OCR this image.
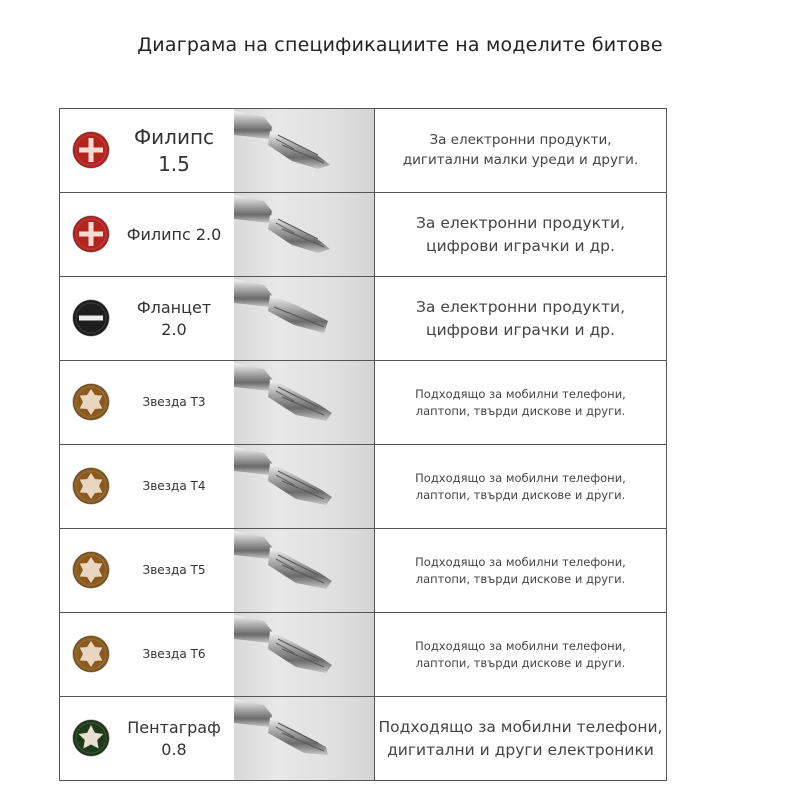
Диаграма на спецификациите на моделите битове
Филипс
1.5
За електронни продукти,
дигитални малки уреди и други.
Филипс 2.0
За електронни продукти,
цифрови играчки и др.
Фланцет
2.0
За електронни продукти,
цифрови играчки и др.
Звезда T3
Подходящо за мобилни телефони,
лаптопи, твърди дискове и други.
Звезда T4
Подходящо за мобилни телефони,
лаптопи, твърди дискове и други.
Звезда T5
Подходящо за мобилни телефони,
лаптопи, твърди дискове и други.
Звезда T6
Подходящо за мобилни телефони,
лаптопи, твърди дискове и други.
Пентаграф
0.8
Подходящо за мобилни телефони,
дигитални и други електроники
